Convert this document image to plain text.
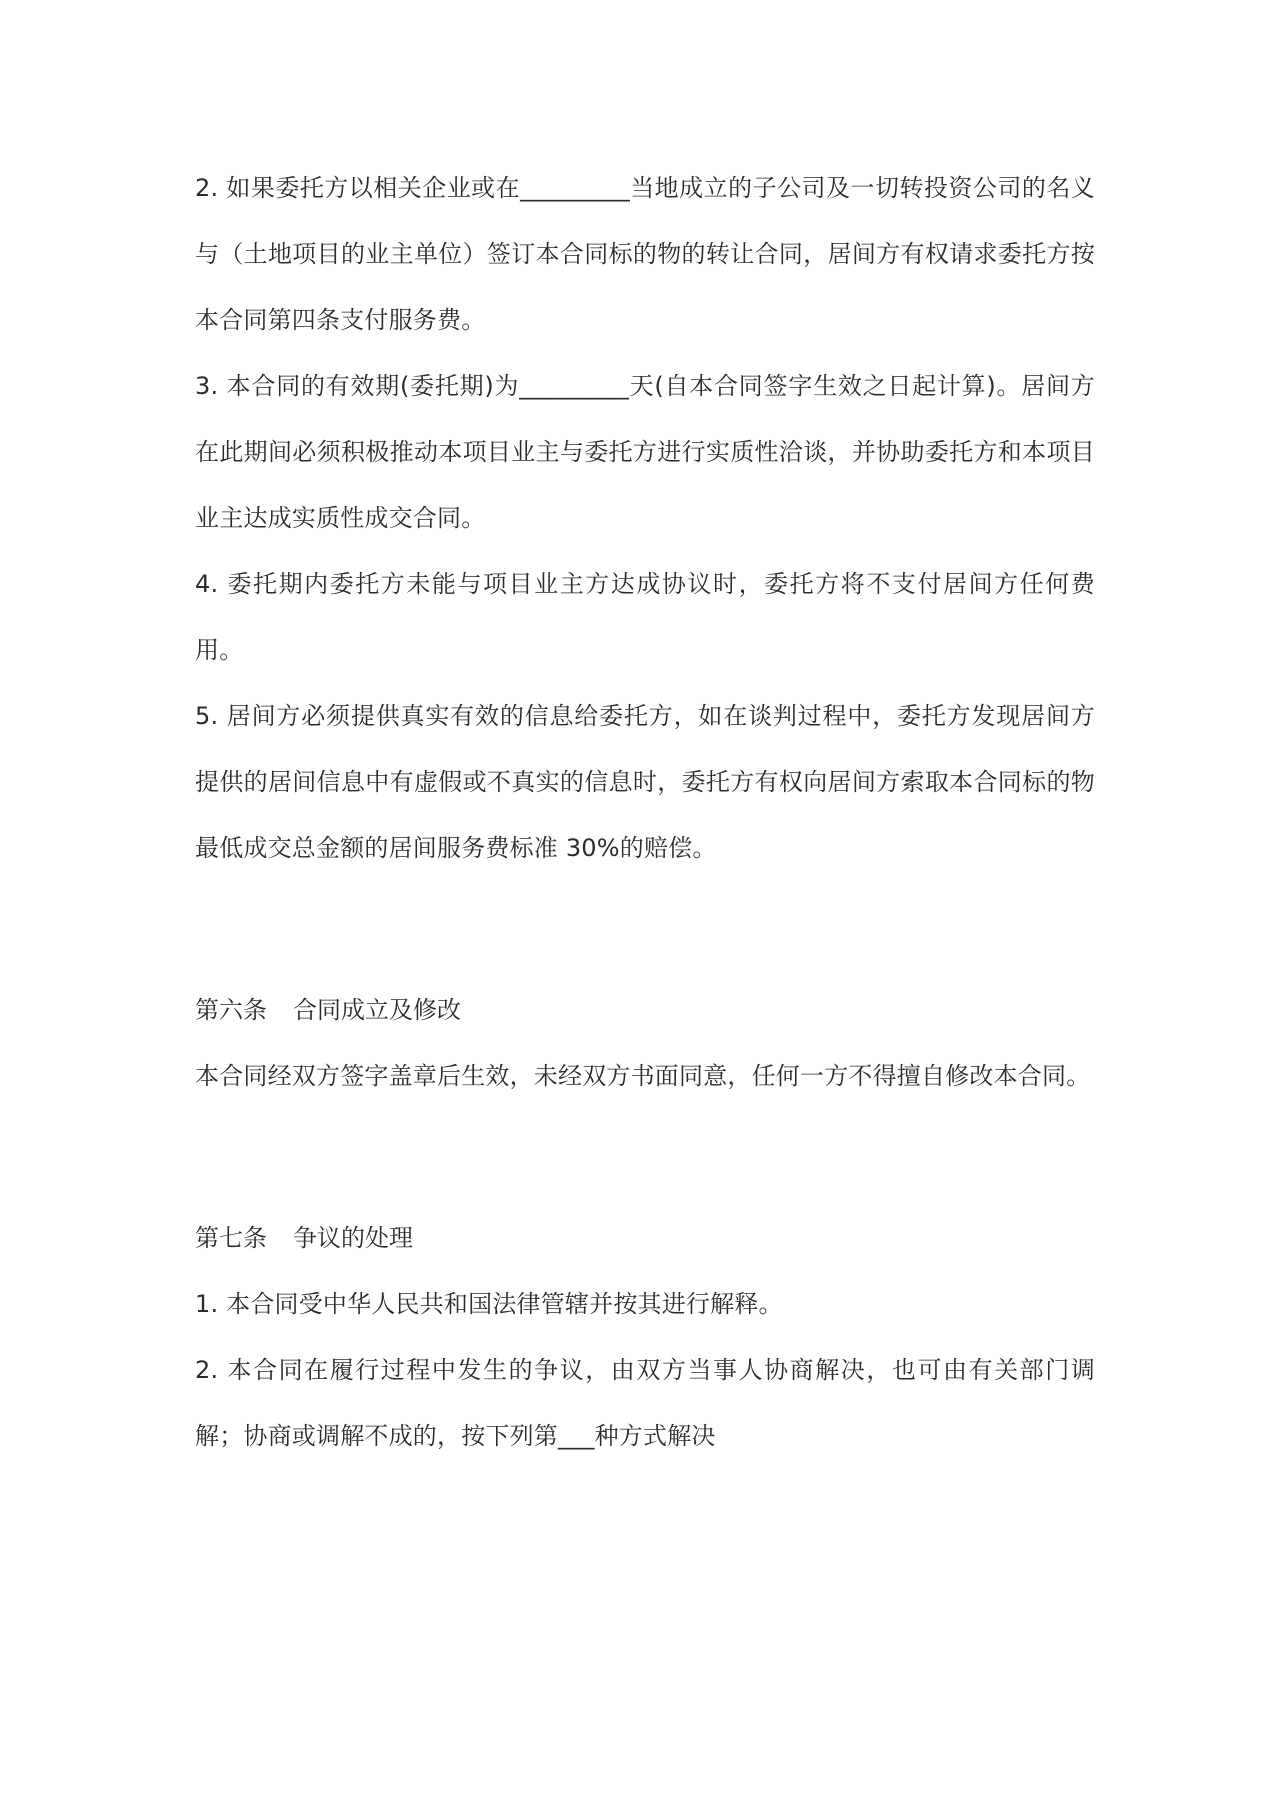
2. 如果委托方以相关企业或在_________当地成立的子公司及一切转投资公司的名义与（土地项目的业主单位）签订本合同标的物的转让合同，居间方有权请求委托方按本合同第四条支付服务费。

3. 本合同的有效期(委托期)为_________天(自本合同签字生效之日起计算)。居间方在此期间必须积极推动本项目业主与委托方进行实质性洽谈，并协助委托方和本项目业主达成实质性成交合同。

4. 委托期内委托方未能与项目业主方达成协议时，委托方将不支付居间方任何费用。

5. 居间方必须提供真实有效的信息给委托方，如在谈判过程中，委托方发现居间方提供的居间信息中有虚假或不真实的信息时，委托方有权向居间方索取本合同标的物最低成交总金额的居间服务费标准 30%的赔偿。

第六条 合同成立及修改

本合同经双方签字盖章后生效，未经双方书面同意，任何一方不得擅自修改本合同。

第七条 争议的处理

1. 本合同受中华人民共和国法律管辖并按其进行解释。

2. 本合同在履行过程中发生的争议，由双方当事人协商解决，也可由有关部门调解；协商或调解不成的，按下列第___种方式解决
